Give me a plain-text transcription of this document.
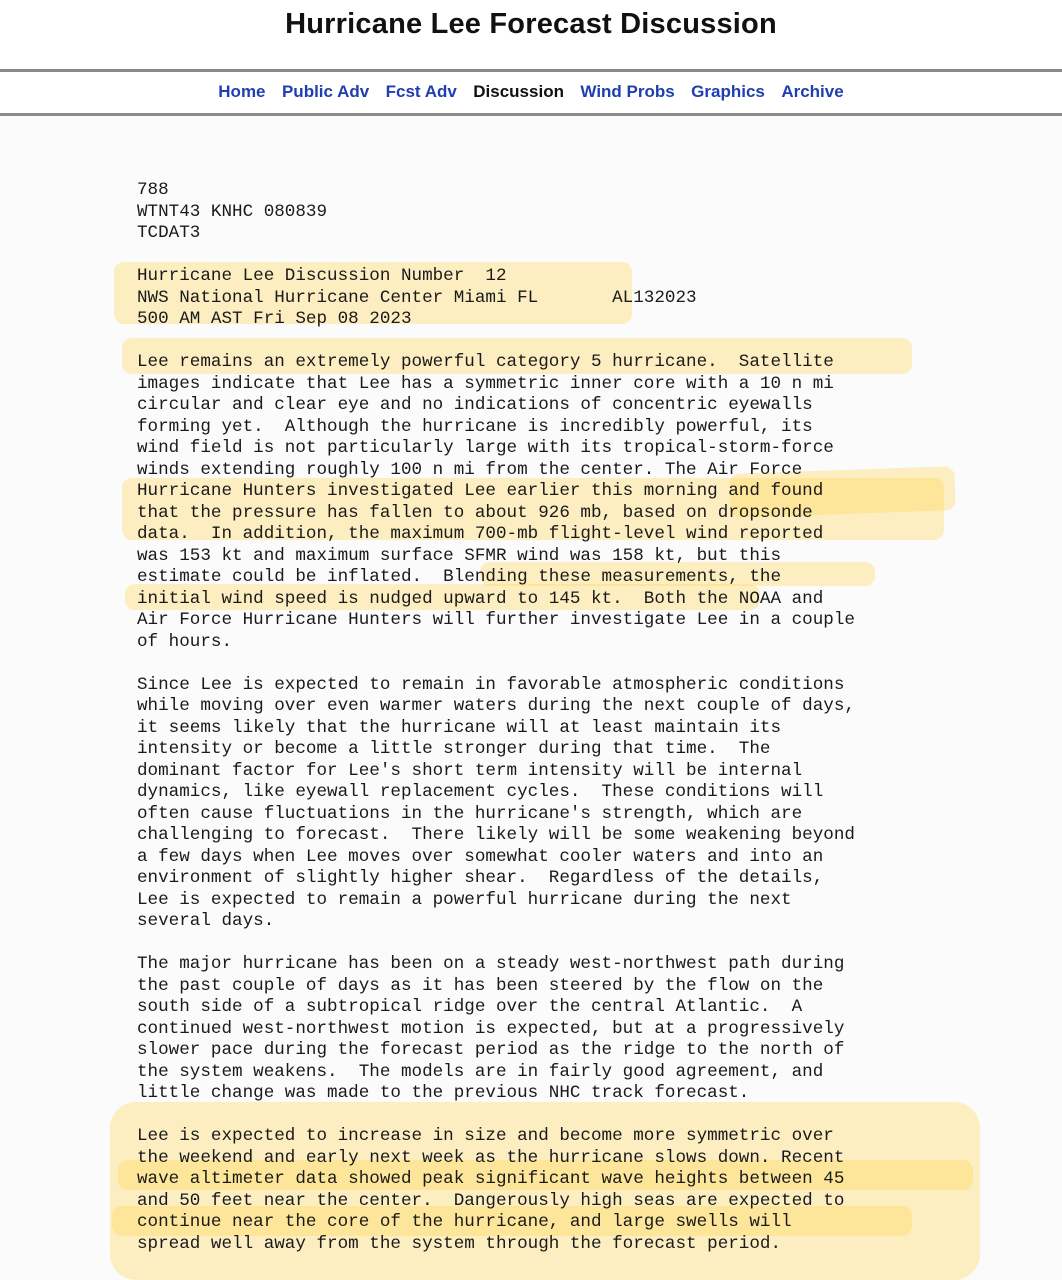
Hurricane Lee Forecast Discussion
Home Public Adv Fcst Adv Discussion Wind Probs Graphics Archive
788
WTNT43 KNHC 080839
TCDAT3
Hurricane Lee Discussion Number  12
NWS National Hurricane Center Miami FL       AL132023
500 AM AST Fri Sep 08 2023
Lee remains an extremely powerful category 5 hurricane.  Satellite
images indicate that Lee has a symmetric inner core with a 10 n mi
circular and clear eye and no indications of concentric eyewalls
forming yet.  Although the hurricane is incredibly powerful, its
wind field is not particularly large with its tropical-storm-force
winds extending roughly 100 n mi from the center. The Air Force
Hurricane Hunters investigated Lee earlier this morning and found
that the pressure has fallen to about 926 mb, based on dropsonde
data.  In addition, the maximum 700-mb flight-level wind reported
was 153 kt and maximum surface SFMR wind was 158 kt, but this
estimate could be inflated.  Blending these measurements, the
initial wind speed is nudged upward to 145 kt.  Both the NOAA and
Air Force Hurricane Hunters will further investigate Lee in a couple
of hours.
Since Lee is expected to remain in favorable atmospheric conditions
while moving over even warmer waters during the next couple of days,
it seems likely that the hurricane will at least maintain its
intensity or become a little stronger during that time.  The
dominant factor for Lee's short term intensity will be internal
dynamics, like eyewall replacement cycles.  These conditions will
often cause fluctuations in the hurricane's strength, which are
challenging to forecast.  There likely will be some weakening beyond
a few days when Lee moves over somewhat cooler waters and into an
environment of slightly higher shear.  Regardless of the details,
Lee is expected to remain a powerful hurricane during the next
several days.
The major hurricane has been on a steady west-northwest path during
the past couple of days as it has been steered by the flow on the
south side of a subtropical ridge over the central Atlantic.  A
continued west-northwest motion is expected, but at a progressively
slower pace during the forecast period as the ridge to the north of
the system weakens.  The models are in fairly good agreement, and
little change was made to the previous NHC track forecast.
Lee is expected to increase in size and become more symmetric over
the weekend and early next week as the hurricane slows down. Recent
wave altimeter data showed peak significant wave heights between 45
and 50 feet near the center.  Dangerously high seas are expected to
continue near the core of the hurricane, and large swells will
spread well away from the system through the forecast period.
